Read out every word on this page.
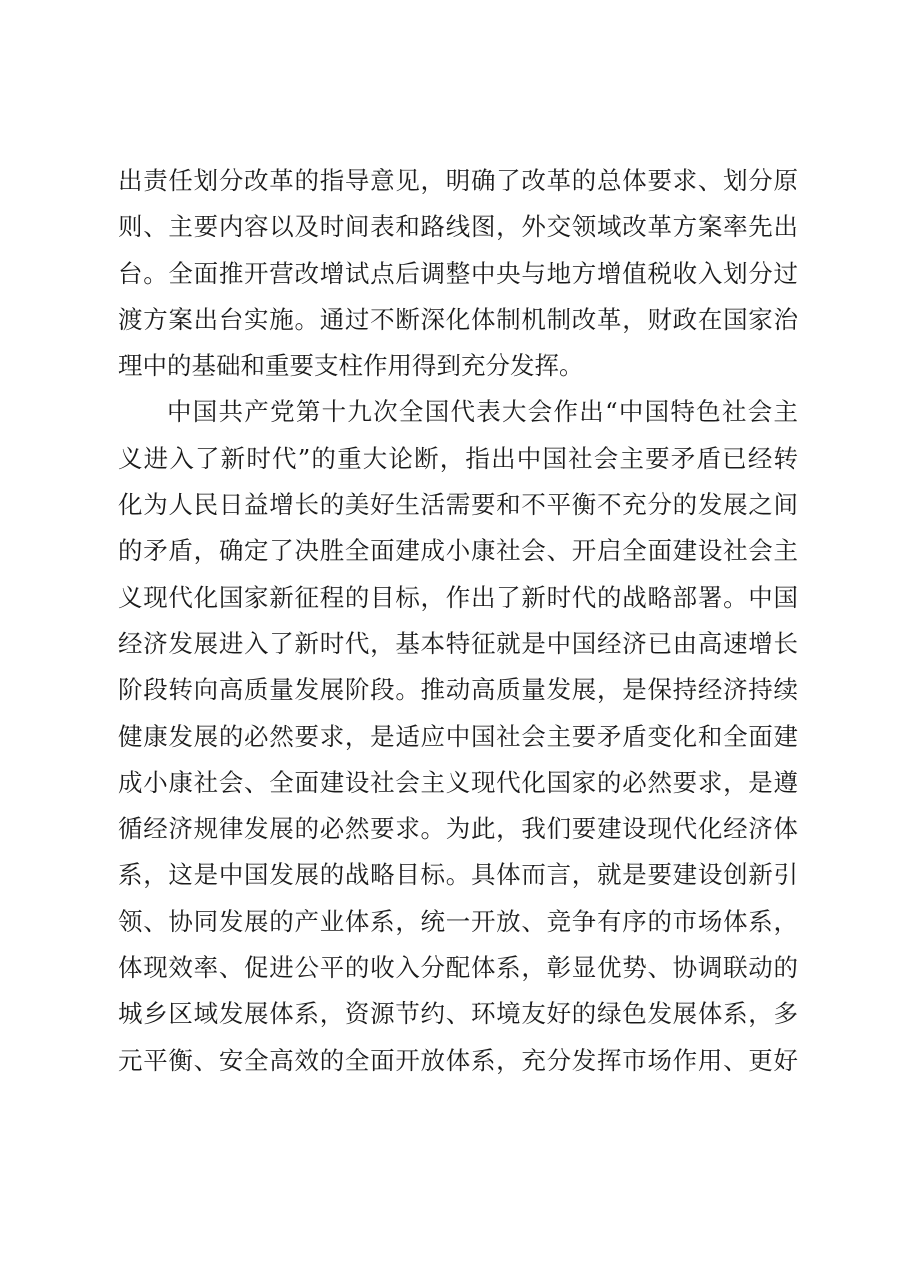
出责任划分改革的指导意见，明确了改革的总体要求、划分原
则、主要内容以及时间表和路线图，外交领域改革方案率先出
台。全面推开营改增试点后调整中央与地方增值税收入划分过
渡方案出台实施。通过不断深化体制机制改革，财政在国家治
理中的基础和重要支柱作用得到充分发挥。
中国共产党第十九次全国代表大会作出“中国特色社会主
义进入了新时代”的重大论断，指出中国社会主要矛盾已经转
化为人民日益增长的美好生活需要和不平衡不充分的发展之间
的矛盾，确定了决胜全面建成小康社会、开启全面建设社会主
义现代化国家新征程的目标，作出了新时代的战略部署。中国
经济发展进入了新时代，基本特征就是中国经济已由高速增长
阶段转向高质量发展阶段。推动高质量发展，是保持经济持续
健康发展的必然要求，是适应中国社会主要矛盾变化和全面建
成小康社会、全面建设社会主义现代化国家的必然要求，是遵
循经济规律发展的必然要求。为此，我们要建设现代化经济体
系，这是中国发展的战略目标。具体而言，就是要建设创新引
领、协同发展的产业体系，统一开放、竞争有序的市场体系，
体现效率、促进公平的收入分配体系，彰显优势、协调联动的
城乡区域发展体系，资源节约、环境友好的绿色发展体系，多
元平衡、安全高效的全面开放体系，充分发挥市场作用、更好
